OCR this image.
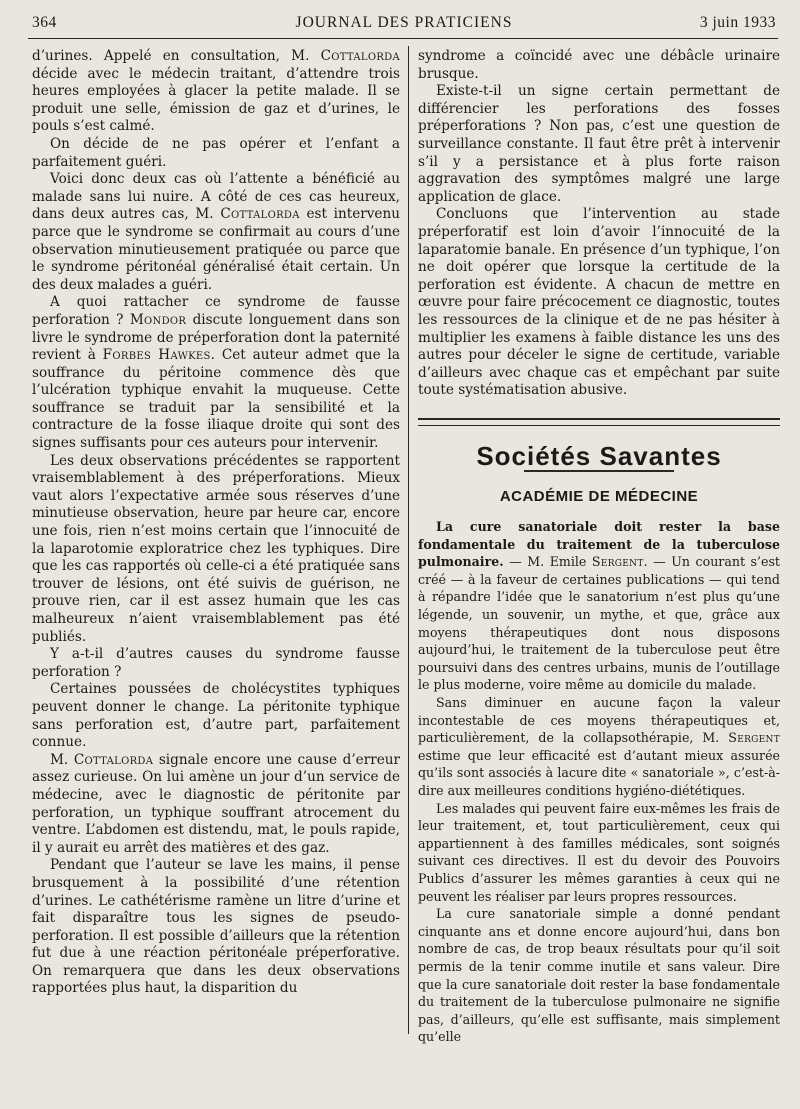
364	JOURNAL DES PRATICIENS	3 juin 1933

d’urines. Appelé en consultation, M. Cottalorda décide avec le médecin traitant, d’attendre trois heures employées à glacer la petite malade. Il se produit une selle, émission de gaz et d’urines, le pouls s’est calmé.

On décide de ne pas opérer et l’enfant a parfaitement guéri.

Voici donc deux cas où l’attente a bénéficié au malade sans lui nuire. A côté de ces cas heureux, dans deux autres cas, M. Cottalorda est intervenu parce que le syndrome se confirmait au cours d’une observation minutieusement pratiquée ou parce que le syndrome péritonéal généralisé était certain. Un des deux malades a guéri.

A quoi rattacher ce syndrome de fausse perforation ? Mondor discute longuement dans son livre le syndrome de préperforation dont la paternité revient à Forbes Hawkes. Cet auteur admet que la souffrance du péritoine commence dès que l’ulcération typhique envahit la muqueuse. Cette souffrance se traduit par la sensibilité et la contracture de la fosse iliaque droite qui sont des signes suffisants pour ces auteurs pour intervenir.

Les deux observations précédentes se rapportent vraisemblablement à des préperforations. Mieux vaut alors l’expectative armée sous réserves d’une minutieuse observation, heure par heure car, encore une fois, rien n’est moins certain que l’innocuité de la laparotomie exploratrice chez les typhiques. Dire que les cas rapportés où celle-ci a été pratiquée sans trouver de lésions, ont été suivis de guérison, ne prouve rien, car il est assez humain que les cas malheureux n’aient vraisemblablement pas été publiés.

Y a-t-il d’autres causes du syndrome fausse perforation ?

Certaines poussées de cholécystites typhiques peuvent donner le change. La péritonite typhique sans perforation est, d’autre part, parfaitement connue.

M. Cottalorda signale encore une cause d’erreur assez curieuse. On lui amène un jour d’un service de médecine, avec le diagnostic de péritonite par perforation, un typhique souffrant atrocement du ventre. L’abdomen est distendu, mat, le pouls rapide, il y aurait eu arrêt des matières et des gaz.

Pendant que l’auteur se lave les mains, il pense brusquement à la possibilité d’une rétention d’urines. Le cathétérisme ramène un litre d’urine et fait disparaître tous les signes de pseudo-perforation. Il est possible d’ailleurs que la rétention fut due à une réaction péritonéale préperforative. On remarquera que dans les deux observations rapportées plus haut, la disparition du

syndrome a coïncidé avec une débâcle urinaire brusque.

Existe-t-il un signe certain permettant de différencier les perforations des fosses préperforations ? Non pas, c’est une question de surveillance constante. Il faut être prêt à intervenir s’il y a persistance et à plus forte raison aggravation des symptômes malgré une large application de glace.

Concluons que l’intervention au stade préperforatif est loin d’avoir l’innocuité de la laparatomie banale. En présence d’un typhique, l’on ne doit opérer que lorsque la certitude de la perforation est évidente. A chacun de mettre en œuvre pour faire précocement ce diagnostic, toutes les ressources de la clinique et de ne pas hésiter à multiplier les examens à faible distance les uns des autres pour déceler le signe de certitude, variable d’ailleurs avec chaque cas et empêchant par suite toute systématisation abusive.

Sociétés Savantes
ACADÉMIE DE MÉDECINE

La cure sanatoriale doit rester la base fondamentale du traitement de la tuberculose pulmonaire. — M. Emile Sergent. — Un courant s’est créé — à la faveur de certaines publications — qui tend à répandre l’idée que le sanatorium n’est plus qu’une légende, un souvenir, un mythe, et que, grâce aux moyens thérapeutiques dont nous disposons aujourd’hui, le traitement de la tuberculose peut être poursuivi dans des centres urbains, munis de l’outillage le plus moderne, voire même au domicile du malade.

Sans diminuer en aucune façon la valeur incontestable de ces moyens thérapeutiques et, particulièrement, de la collapsothérapie, M. Sergent estime que leur efficacité est d’autant mieux assurée qu’ils sont associés à lacure dite « sanatoriale », c’est-à-dire aux meilleures conditions hygiéno-diététiques.

Les malades qui peuvent faire eux-mêmes les frais de leur traitement, et, tout particulièrement, ceux qui appartiennent à des familles médicales, sont soignés suivant ces directives. Il est du devoir des Pouvoirs Publics d’assurer les mêmes garanties à ceux qui ne peuvent les réaliser par leurs propres ressources.

La cure sanatoriale simple a donné pendant cinquante ans et donne encore aujourd’hui, dans bon nombre de cas, de trop beaux résultats pour qu’il soit permis de la tenir comme inutile et sans valeur. Dire que la cure sanatoriale doit rester la base fondamentale du traitement de la tuberculose pulmonaire ne signifie pas, d’ailleurs, qu’elle est suffisante, mais simplement qu’elle
